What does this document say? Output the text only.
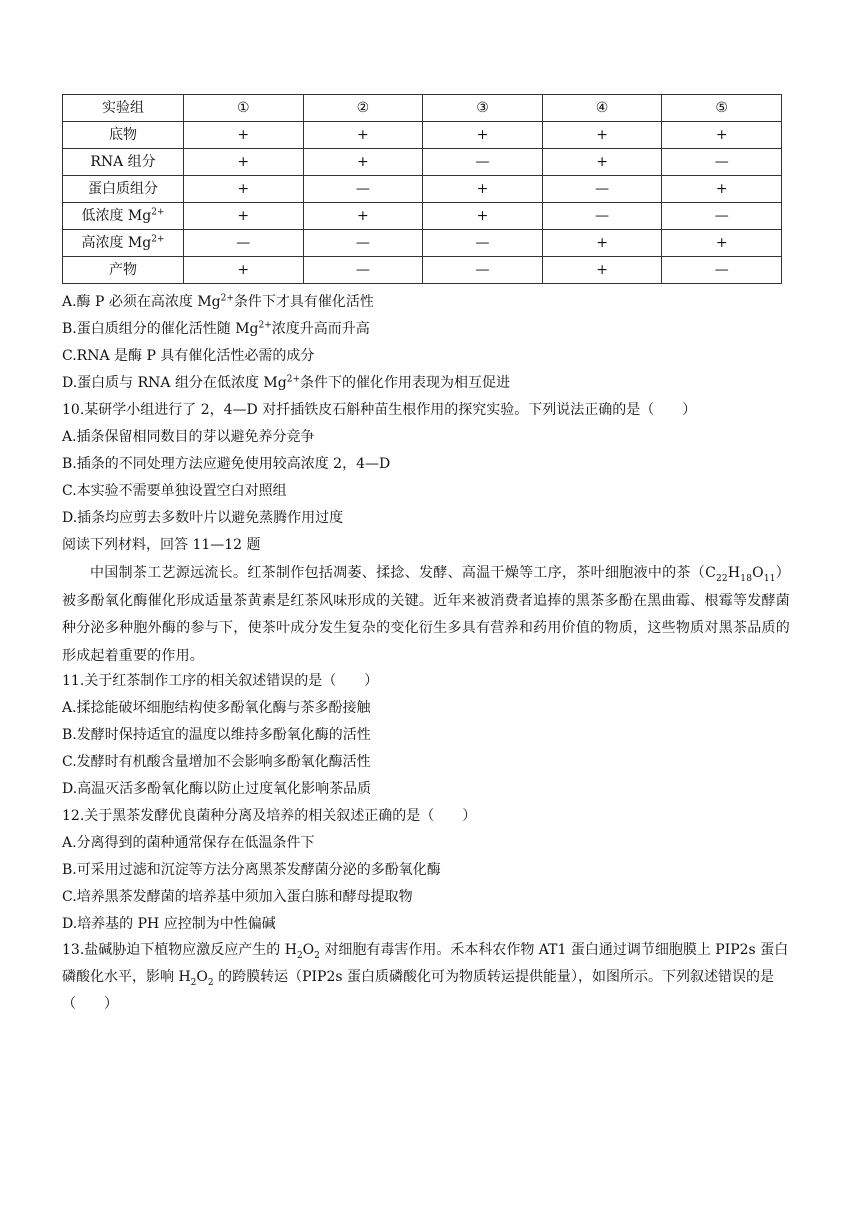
实验组	①	②	③	④	⑤
底物	+	+	+	+	+
RNA 组分	+	+	—	+	—
蛋白质组分	+	—	+	—	+
低浓度 $Mg^{2+}$	+	+	+	—	—
高浓度 $Mg^{2+}$	—	—	—	+	+
产物	+	—	—	+	—
A.酶 P 必须在高浓度 $Mg^{2+}$条件下才具有催化活性
B.蛋白质组分的催化活性随 $Mg^{2+}$浓度升高而升高
C.RNA 是酶 P 具有催化活性必需的成分
D.蛋白质与 RNA 组分在低浓度 $Mg^{2+}$条件下的催化作用表现为相互促进
10.某研学小组进行了 2，4—D 对扦插铁皮石斛种苗生根作用的探究实验。下列说法正确的是（　　）
A.插条保留相同数目的芽以避免养分竞争
B.插条的不同处理方法应避免使用较高浓度 2，4—D
C.本实验不需要单独设置空白对照组
D.插条均应剪去多数叶片以避免蒸腾作用过度
阅读下列材料，回答 11—12 题
中国制茶工艺源远流长。红茶制作包括凋萎、揉捻、发酵、高温干燥等工序，茶叶细胞液中的茶$(C_{22}H_{18}O_{11})$被多酚氧化酶催化形成适量茶黄素是红茶风味形成的关键。近年来被消费者追捧的黑茶多酚在黑曲霉、根霉等发酵菌种分泌多种胞外酶的参与下，使茶叶成分发生复杂的变化衍生多具有营养和药用价值的物质，这些物质对黑茶品质的形成起着重要的作用。
11.关于红茶制作工序的相关叙述错误的是（　　）
A.揉捻能破坏细胞结构使多酚氧化酶与茶多酚接触
B.发酵时保持适宜的温度以维持多酚氧化酶的活性
C.发酵时有机酸含量增加不会影响多酚氧化酶活性
D.高温灭活多酚氧化酶以防止过度氧化影响茶品质
12.关于黑茶发酵优良菌种分离及培养的相关叙述正确的是（　　）
A.分离得到的菌种通常保存在低温条件下
B.可采用过滤和沉淀等方法分离黑茶发酵菌分泌的多酚氧化酶
C.培养黑茶发酵菌的培养基中须加入蛋白胨和酵母提取物
D.培养基的 PH 应控制为中性偏碱
13.盐碱胁迫下植物应激反应产生的 $H_2O_2$ 对细胞有毒害作用。禾本科农作物 AT1 蛋白通过调节细胞膜上 PIP2s 蛋白磷酸化水平，影响 $H_2O_2$ 的跨膜转运（PIP2s 蛋白质磷酸化可为物质转运提供能量），如图所示。下列叙述错误的是（　　）
